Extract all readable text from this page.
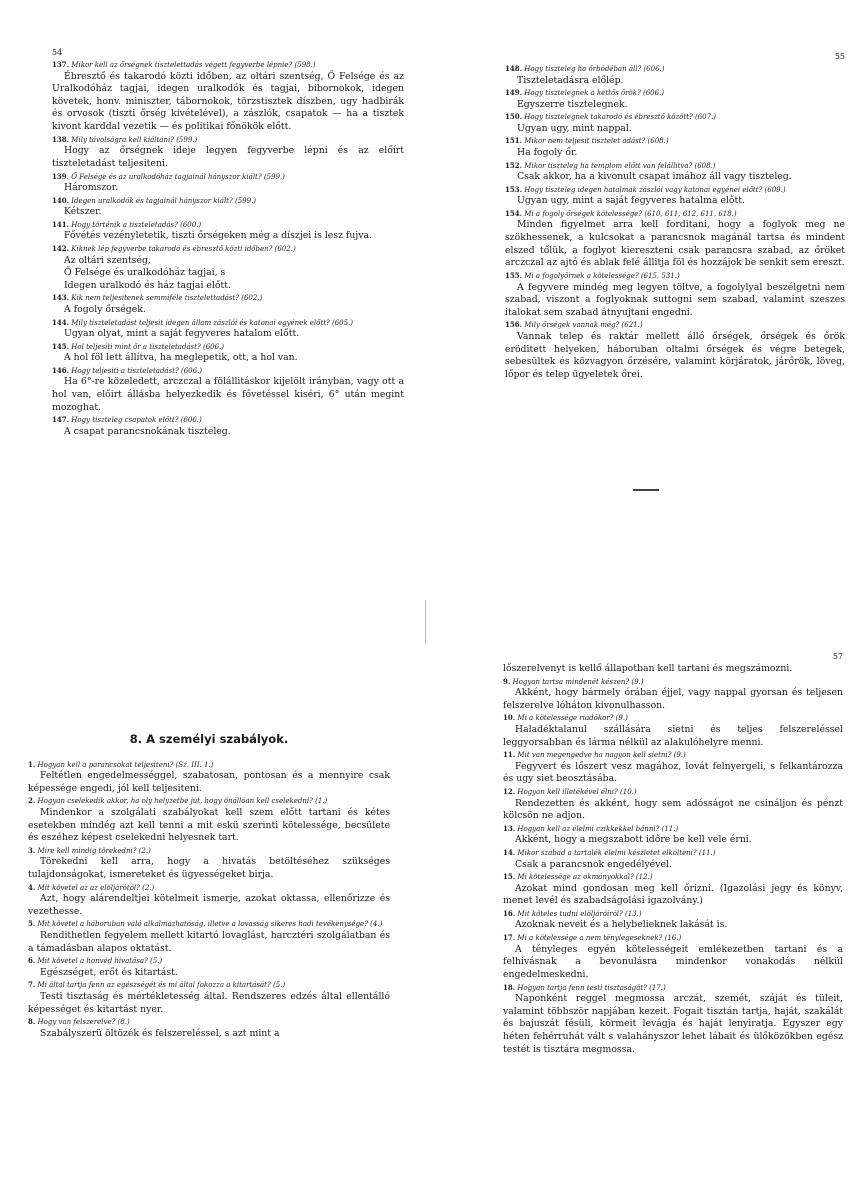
54
137. Mikor kell az őrségnek tisztelettadás végett fegyverbe lépnie? (598.)

Ébresztő és takarodó közti időben, az oltári szentség, Ő Felsége és az Uralkodóház tagjai, idegen uralkodók és tagjai, bibornokok, idegen követek, honv. miniszter, tábornokok, törzstisztek díszben, ugy hadbirák és orvosok (tiszti őrség kivételével), a zászlók, csapatok — ha a tisztek kivont karddal vezetik — és politikai főnökök előtt.

138. Mily távolságra kell kiáltani? (599.)

Hogy az őrségnek ideje legyen fegyverbe lépni és az előírt tiszteletadást teljesiteni.

139. Ő Felsége és az uralkodóház tagjainál hányszor kiált? (599.)

Háromszor.

140. Idegen uralkodók és tagjainál hányszor kiált? (599.)

Kétszer.

141. Hogy történik a tiszteletadás? (600.)

Fővétés vezényletetik, tiszti őrségeken még a díszjei is lesz fujva.

142. Kiknek lép fegyverbe takarodó és ébresztő közti időben? (602.)

Az oltári szentség,
Ő Felsége és uralkodóház tagjai, s
Idegen uralkodó és ház tagjai előtt.

143. Kik nem teljesitenek semmiféle tisztelettadást? (602.)

A fogoly őrségek.

144. Mily tiszteletadást teljesit idegen állam zászlói és katonai egyének előtt? (605.)

Ugyan olyat, mint a saját fegyveres hatalom előtt.

145. Hol teljesiti mint őr a tiszteletadást? (606.)

A hol föl lett állítva, ha meglepetik, ott, a hol van.

146. Hogy teljesiti a tiszteletadást? (606.)

Ha 6°-re közeledett, arczczal a fölállitáskor kijelölt irányban, vagy ott a hol van, előirt állásba helyezkedik és fővetéssel kiséri, 6° után megint mozoghat.

147. Hogy tiszteleg csapatok előtt? (606.)

A csapat parancsnokának tiszteleg.

55
148. Hogy tiszteleg ha őrbódéban áll? (606.)

Tiszteletadásra előlép.

149. Hogy tisztelegnek a kettős őrök? (606.)

Egyszerre tisztelegnek.

150. Hogy tisztelegnek takarodó és ébresztő között? (607.)

Ugyan ugy, mint nappal.

151. Mikor nem teljesit tisztelet adást? (608.)

Ha fogoly őr.

152. Mikor tiszteleg ha templom előtt van felállitva? (608.)

Csak akkor, ha a kivonult csapat imához áll vagy tiszteleg.

153. Hogy tiszteleg idegen hatalmak zászlói vagy katonai egyénei előtt? (609.)

Ugyan ugy, mint a saját fegyveres hatalma előtt.

154. Mi a fogoly őrségek kötelessége? (610, 611, 612, 611, 618.)

Minden figyelmet arra kell forditani, hogy a foglyok meg ne szökhessenek, a kulcsokat a parancsnok magánál tartsa és mindent elszed tőlük, a foglyot kiereszteni csak parancsra szabad, az őröket arczczal az ajtó és ablak felé állitja föl és hozzájok be senkit sem ereszt.

155. Mi a fogolyőrnek a kötelessége? (615, 531.)

A fegyvere mindég meg legyen töltve, a fogolylyal beszélgetni nem szabad, viszont a foglyoknak suttogni sem szabad, valamint szeszes italokat sem szabad átnyujtani engedni.

156. Mily őrségek vannak még? (621.)

Vannak telep és raktár mellett álló őrségek, őrségek és őrök eröditett helyeken, háboruban oltalmi őrségek és végre betegek, sebesültek és közvagyon őrzésére, valamint körjáratok, járőrök, löveg, lőpor és telep ügyeletek őrei.

8. A személyi szabályok.
1. Hogyan kell a parancsokat teljesiteni? (Sz. III. 1.)

Feltétlen engedelmességgel, szabatosan, pontosan és a mennyire csak képessége engedi, jól kell teljesiteni.

2. Hogyan cselekedik akkor, ha oly helyzetbe jut, hogy önállóan kell cselekedni? (1.)

Mindenkor a szolgálati szabályokat kell szem előtt tartani és kétes esetekben mindég azt kell tenni a mit eskü szerinti kötelessége, becsülete és eszéhez képest cselekedni helyesnek tart.

3. Mire kell mindig törekedni? (2.)

Törekedni kell arra, hogy a hivatás betöltéséhez szükséges tulajdonságokat, ismereteket és ügyességeket birja.

4. Mit követel az az elöljárótól? (2.)

Azt, hogy alárendeltjei kötelmeit ismerje, azokat oktassa, ellenőrizze és vezethesse.

5. Mit követel a háboruban való alkalmazhatóság, illetve a lovasság sikeres hadi tevékenysége? (4.)

Rendithetlen fegyelem mellett kitartó lovaglást, harcztéri szolgálatban és a támadásban alapos oktatást.

6. Mit követel a honvéd hivatása? (5.)

Egészséget, erőt és kitartást.

7. Mi által tartja fenn az egészségét és mi által fokozza a kitartását? (5.)

Testi tisztaság és mértékletesség által. Rendszeres edzés által ellentálló képességet és kitartást nyer.

8. Hogy van felszerelve? (8.)

Szabályszerü öltözék és felszereléssel, s azt mint a

57

lőszerelvenyt is kellő állapotban kell tartani és megszámozni.

9. Hogyan tartsa mindenét készen? (9.)

Akként, hogy bármely órában éjjel, vagy nappal gyorsan és teljesen felszerelve lóháton kivonulhasson.

10. Mi a kötelessége riadókor? (9.)

Haladéktalanul szállására sietni és teljes felszereléssel leggyorsabban és lárma nélkül az alakulóhelyre menni.

11. Mit van megengedve ha nagyon kell sietni? (9.)

Fegyvert és lőszert vesz magához, lovát felnyergeli, s felkantározza és ugy siet beosztásába.

12. Hogyan kell illetékével élni? (10.)

Rendezetten és akként, hogy sem adósságot ne csináljon és pénzt kölcsön ne adjon.

13. Hogyan kell az élelmi czikkekkel bánni? (11.)

Akként, hogy a megszabott időre be kell vele érni.

14. Mikor szabad a tartalék élelmi készletet elkölteni? (11.)

Csak a parancsnok engedélyével.

15. Mi kötelessége az okmányokkal? (12.)

Azokat mind gondosan meg kell őrizni. (Igazolási jegy és könyv, menet levél és szabadságolási igazolvány.)

16. Mit köteles tudni elöljáróiról? (13.)

Azoknak neveit és a helybelieknek lakását is.

17. Mi a kötelessége a nem ténylegeseknek? (16.)

A tényleges egyén kötelességeit emlékezetben tartani és a felhivásnak a bevonulásra mindenkor vonakodás nélkül engedelmeskedni.

18. Hogyan tartja fenn testi tisztaságát? (17.)

Naponként reggel megmossa arczát, szemét, száját és tüleit, valamint többször napjában kezeit. Fogait tisztán tartja, haját, szakálát és bajuszát fésüli, körmeit levágja és haját lenyiratja. Egyszer egy héten fehérruhát vált s valahányszor lehet lábait és ülőközökben egész testét is tisztára megmossa.
